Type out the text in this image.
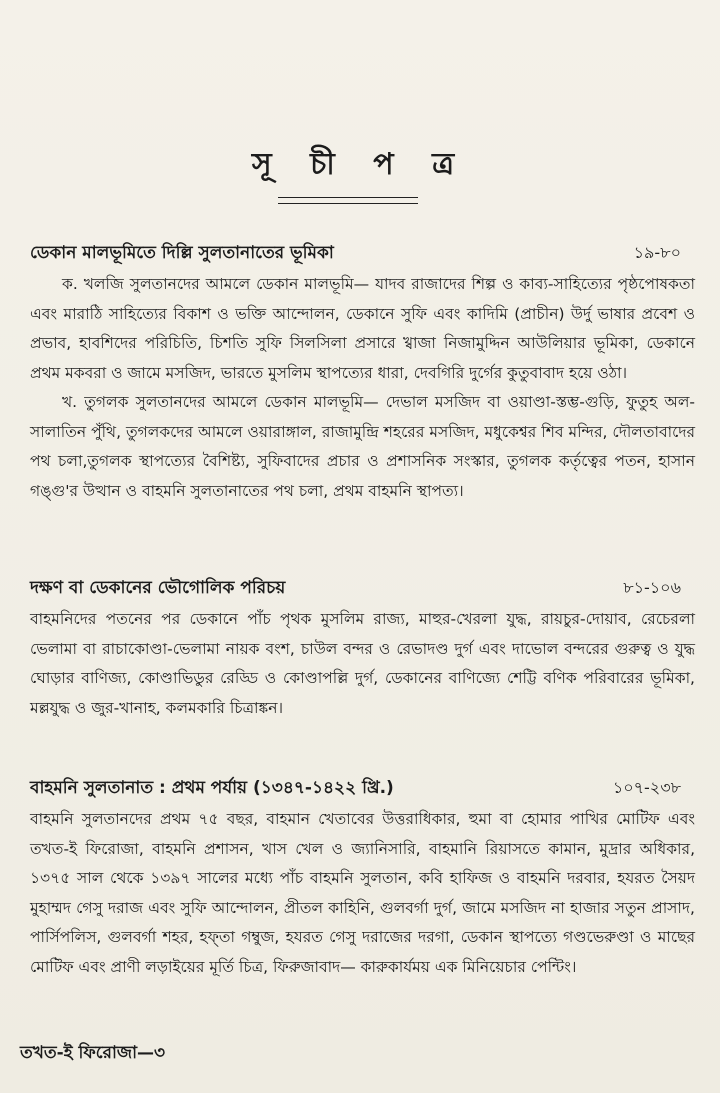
সূ চী প ত্র
ডেকান মালভূমিতে দিল্লি সুলতানাতের ভূমিকা	১৯-৮০

ক. খলজি সুলতানদের আমলে ডেকান মালভূমি— যাদব রাজাদের শিল্প ও কাব্য-সাহিত্যের পৃষ্ঠপোষকতা এবং মারাঠি সাহিত্যের বিকাশ ও ভক্তি আন্দোলন, ডেকানে সুফি এবং কাদিমি (প্রাচীন) উর্দু ভাষার প্রবেশ ও প্রভাব, হাবশিদের পরিচিতি, চিশতি সুফি সিলসিলা প্রসারে খ্বাজা নিজামুদ্দিন আউলিয়ার ভূমিকা, ডেকানে প্রথম মকবরা ও জামে মসজিদ, ভারতে মুসলিম স্থাপত্যের ধারা, দেবগিরি দুর্গের কুতুবাবাদ হয়ে ওঠা।

খ. তুগলক সুলতানদের আমলে ডেকান মালভূমি— দেভাল মসজিদ বা ওয়াণ্ডা-স্তম্ভ-গুড়ি, ফুতুহ অল-সালাতিন পুঁথি, তুগলকদের আমলে ওয়ারাঙ্গাল, রাজামুন্দ্রি শহরের মসজিদ, মধুকেশ্বর শিব মন্দির, দৌলতাবাদের পথ চলা,তুগলক স্থাপত্যের বৈশিষ্ট্য, সুফিবাদের প্রচার ও প্রশাসনিক সংস্কার, তুগলক কর্তৃত্বের পতন, হাসান গঙ্গু'র উত্থান ও বাহমনি সুলতানাতের পথ চলা, প্রথম বাহমনি স্থাপত্য।

দক্ষণ বা ডেকানের ভৌগোলিক পরিচয়	৮১-১০৬

বাহমনিদের পতনের পর ডেকানে পাঁচ পৃথক মুসলিম রাজ্য, মাহুর-খেরলা যুদ্ধ, রায়চুর-দোয়াব, রেচেরলা ভেলামা বা রাচাকোণ্ডা-ভেলামা নায়ক বংশ, চাউল বন্দর ও রেভাদণ্ড দুর্গ এবং দাভোল বন্দরের গুরুত্ব ও যুদ্ধ ঘোড়ার বাণিজ্য, কোণ্ডাভিডুর রেড্ডি ও কোণ্ডাপল্লি দুর্গ, ডেকানের বাণিজ্যে শেট্টি বণিক পরিবারের ভূমিকা, মল্লযুদ্ধ ও জুর-খানাহ, কলমকারি চিত্রাঙ্কন।

বাহমনি সুলতানাত : প্রথম পর্যায় (১৩৪৭-১৪২২ খ্রি.)	১০৭-২৩৮

বাহমনি সুলতানদের প্রথম ৭৫ বছর, বাহমান খেতাবের উত্তরাধিকার, হুমা বা হোমার পাখির মোটিফ এবং তখত-ই ফিরোজা, বাহমনি প্রশাসন, খাস খেল ও জ্যানিসারি, বাহমানি রিয়াসতে কামান, মুদ্রার অধিকার, ১৩৭৫ সাল থেকে ১৩৯৭ সালের মধ্যে পাঁচ বাহমনি সুলতান, কবি হাফিজ ও বাহমনি দরবার, হযরত সৈয়দ মুহাম্মদ গেসু দরাজ এবং সুফি আন্দোলন, প্রীতল কাহিনি, গুলবর্গা দুর্গ, জামে মসজিদ না হাজার সতুন প্রাসাদ, পার্সিপলিস, গুলবর্গা শহর, হফ্তা গম্বুজ, হযরত গেসু দরাজের দরগা, ডেকান স্থাপত্যে গণ্ডভেরুণ্ডা ও মাছের মোটিফ এবং প্রাণী লড়াইয়ের মূর্তি চিত্র, ফিরুজাবাদ— কারুকার্যময় এক মিনিয়েচার পেন্টিং।

তখত-ই ফিরোজা—৩
